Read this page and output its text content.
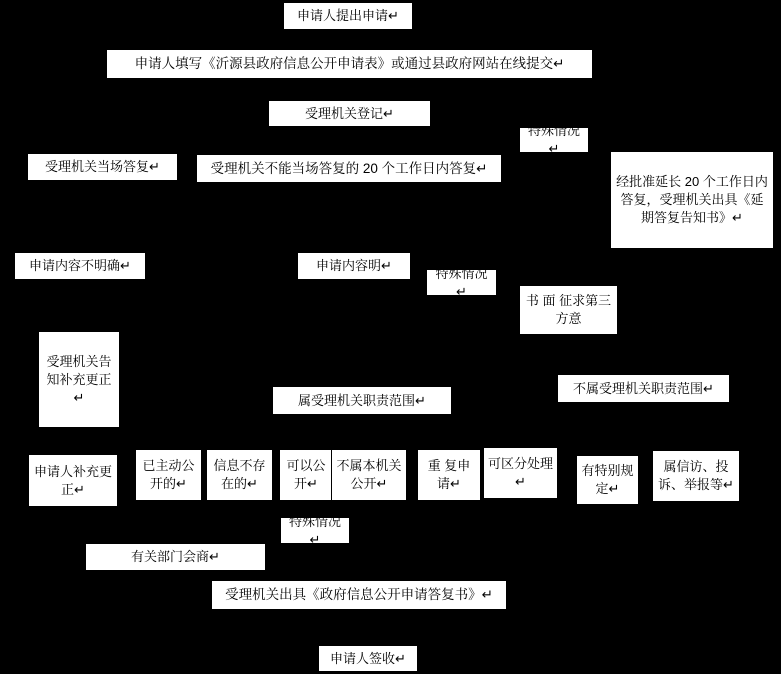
申请人提出申请↵
申请人填写《沂源县政府信息公开申请表》或通过县政府网站在线提交↵
受理机关登记↵
特殊情况↵
受理机关当场答复↵	受理机关不能当场答复的 20 个工作日内答复↵
经批准延长 20 个工作日内答复，受理机关出具《延期答复告知书》↵
申请内容不明确↵	申请内容明↵	特殊情况↵
书 面 征求第三方意
受理机关告知补充更正↵	属受理机关职责范围↵
不属受理机关职责范围↵
申请人补充更正↵
已主动公开的↵
信息不存在的↵
可以公开↵
不属本机关公开↵
重 复申请↵
可区分处理↵
有特别规定↵
属信访、投诉、举报等↵
特殊情况↵
有关部门会商↵
受理机关出具《政府信息公开申请答复书》↵
申请人签收↵
